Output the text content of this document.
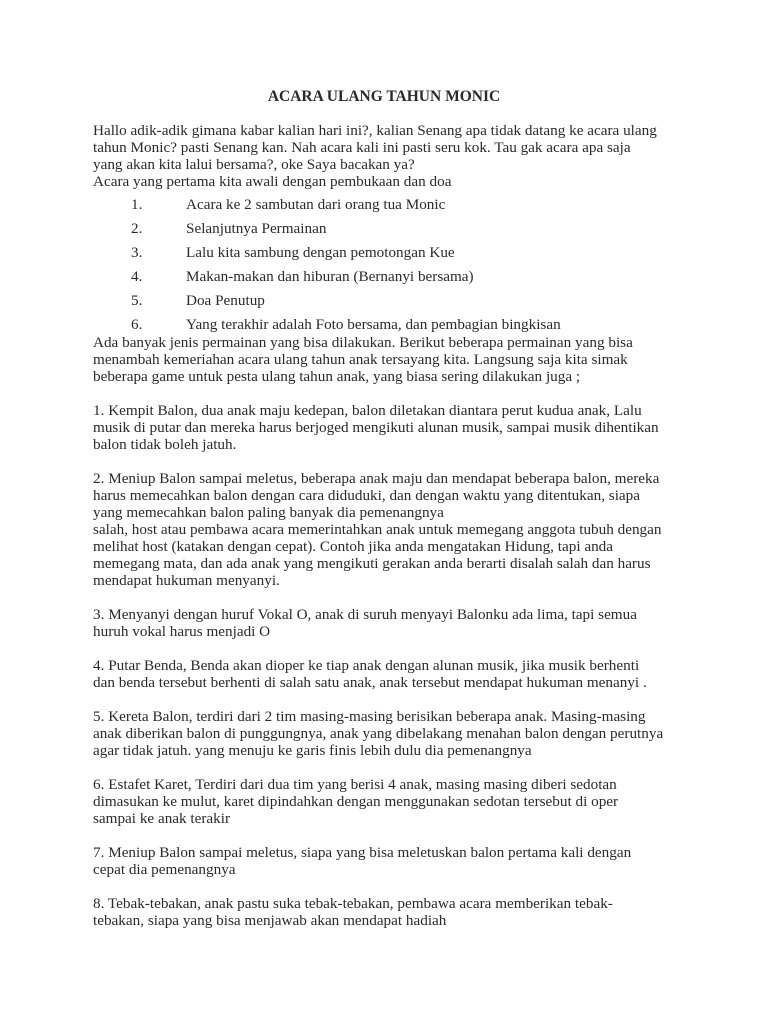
ACARA ULANG TAHUN MONIC
Hallo adik-adik gimana kabar kalian hari ini?, kalian Senang apa tidak datang ke acara ulang
tahun Monic? pasti Senang kan. Nah acara kali ini pasti seru kok. Tau gak acara apa saja
yang akan kita lalui bersama?, oke Saya bacakan ya?
Acara yang pertama kita awali dengan pembukaan dan doa
1.	Acara ke 2 sambutan dari orang tua Monic
2.	Selanjutnya Permainan
3.	Lalu kita sambung dengan pemotongan Kue
4.	Makan-makan dan hiburan (Bernanyi bersama)
5.	Doa Penutup
6.	Yang terakhir adalah Foto bersama, dan pembagian bingkisan
Ada banyak jenis permainan yang bisa dilakukan. Berikut beberapa permainan yang bisa
menambah kemeriahan acara ulang tahun anak tersayang kita. Langsung saja kita simak
beberapa game untuk pesta ulang tahun anak, yang biasa sering dilakukan juga ;
1. Kempit Balon, dua anak maju kedepan, balon diletakan diantara perut kudua anak, Lalu
musik di putar dan mereka harus berjoged mengikuti alunan musik, sampai musik dihentikan
balon tidak boleh jatuh.
2. Meniup Balon sampai meletus, beberapa anak maju dan mendapat beberapa balon, mereka
harus memecahkan balon dengan cara diduduki, dan dengan waktu yang ditentukan, siapa
yang memecahkan balon paling banyak dia pemenangnya
salah, host atau pembawa acara memerintahkan anak untuk memegang anggota tubuh dengan
melihat host (katakan dengan cepat). Contoh jika anda mengatakan Hidung, tapi anda
memegang mata, dan ada anak yang mengikuti gerakan anda berarti disalah salah dan harus
mendapat hukuman menyanyi.
3. Menyanyi dengan huruf Vokal O, anak di suruh menyayi Balonku ada lima, tapi semua
huruh vokal harus menjadi O
4. Putar Benda, Benda akan dioper ke tiap anak dengan alunan musik, jika musik berhenti
dan benda tersebut berhenti di salah satu anak, anak tersebut mendapat hukuman menanyi .
5. Kereta Balon, terdiri dari 2 tim masing-masing berisikan beberapa anak. Masing-masing
anak diberikan balon di punggungnya, anak yang dibelakang menahan balon dengan perutnya
agar tidak jatuh. yang menuju ke garis finis lebih dulu dia pemenangnya
6. Estafet Karet, Terdiri dari dua tim yang berisi 4 anak, masing masing diberi sedotan
dimasukan ke mulut, karet dipindahkan dengan menggunakan sedotan tersebut di oper
sampai ke anak terakir
7. Meniup Balon sampai meletus, siapa yang bisa meletuskan balon pertama kali dengan
cepat dia pemenangnya
8. Tebak-tebakan, anak pastu suka tebak-tebakan, pembawa acara memberikan tebak-
tebakan, siapa yang bisa menjawab akan mendapat hadiah
